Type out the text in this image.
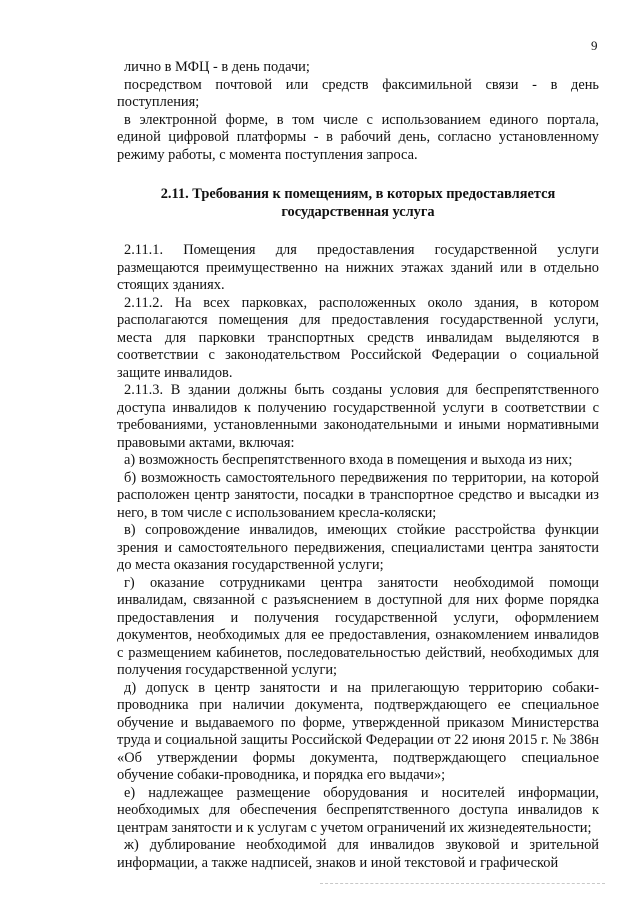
9

лично в МФЦ - в день подачи;

посредством почтовой или средств факсимильной связи - в день поступления;

в электронной форме, в том числе с использованием единого портала, единой цифровой платформы - в рабочий день, согласно установленному режиму работы, с момента поступления запроса.

2.11. Требования к помещениям, в которых предоставляется государственная услуга

2.11.1. Помещения для предоставления государственной услуги размещаются преимущественно на нижних этажах зданий или в отдельно стоящих зданиях.

2.11.2. На всех парковках, расположенных около здания, в котором располагаются помещения для предоставления государственной услуги, места для парковки транспортных средств инвалидам выделяются в соответствии с законодательством Российской Федерации о социальной защите инвалидов.

2.11.3. В здании должны быть созданы условия для беспрепятственного доступа инвалидов к получению государственной услуги в соответствии с требованиями, установленными законодательными и иными нормативными правовыми актами, включая:

а) возможность беспрепятственного входа в помещения и выхода из них;

б) возможность самостоятельного передвижения по территории, на которой расположен центр занятости, посадки в транспортное средство и высадки из него, в том числе с использованием кресла-коляски;

в) сопровождение инвалидов, имеющих стойкие расстройства функции зрения и самостоятельного передвижения, специалистами центра занятости до места оказания государственной услуги;

г) оказание сотрудниками центра занятости необходимой помощи инвалидам, связанной с разъяснением в доступной для них форме порядка предоставления и получения государственной услуги, оформлением документов, необходимых для ее предоставления, ознакомлением инвалидов с размещением кабинетов, последовательностью действий, необходимых для получения государственной услуги;

д) допуск в центр занятости и на прилегающую территорию собаки-проводника при наличии документа, подтверждающего ее специальное обучение и выдаваемого по форме, утвержденной приказом Министерства труда и социальной защиты Российской Федерации от 22 июня 2015 г. № 386н «Об утверждении формы документа, подтверждающего специальное обучение собаки-проводника, и порядка его выдачи»;

е) надлежащее размещение оборудования и носителей информации, необходимых для обеспечения беспрепятственного доступа инвалидов к центрам занятости и к услугам с учетом ограничений их жизнедеятельности;

ж) дублирование необходимой для инвалидов звуковой и зрительной информации, а также надписей, знаков и иной текстовой и графической
